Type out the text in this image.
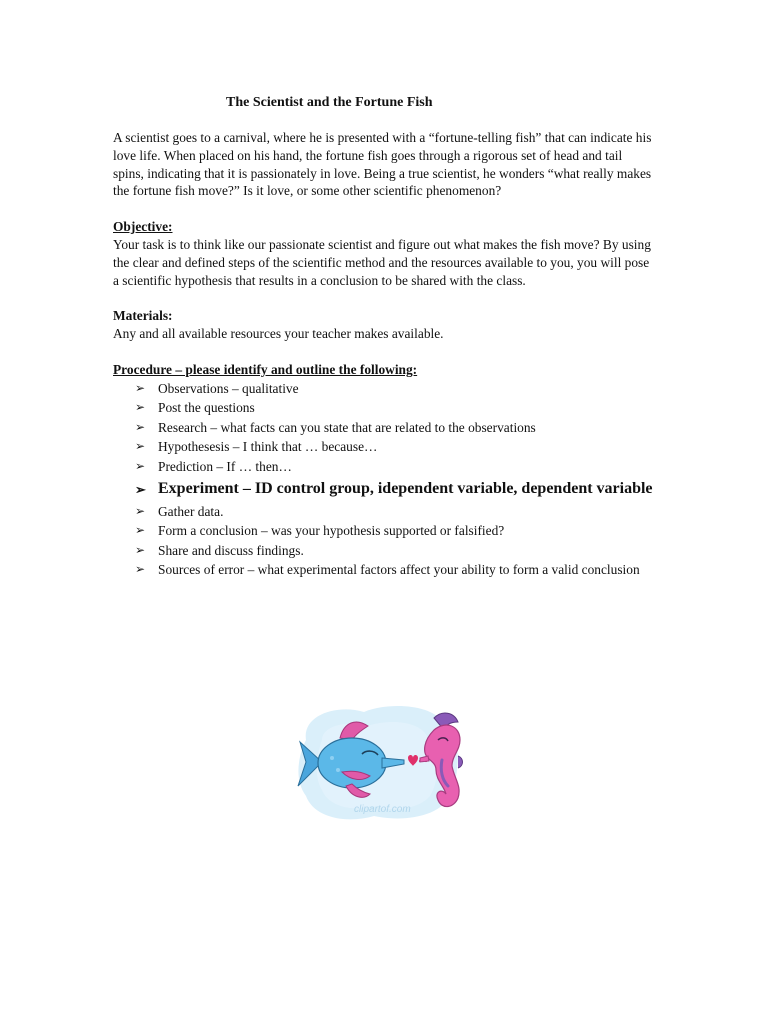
The Scientist and the Fortune Fish

A scientist goes to a carnival, where he is presented with a “fortune-telling fish” that can indicate his love life. When placed on his hand, the fortune fish goes through a rigorous set of head and tail spins, indicating that it is passionately in love. Being a true scientist, he wonders “what really makes the fortune fish move?” Is it love, or some other scientific phenomenon?

Objective:

Your task is to think like our passionate scientist and figure out what makes the fish move? By using the clear and defined steps of the scientific method and the resources available to you, you will pose a scientific hypothesis that results in a conclusion to be shared with the class.

Materials:

Any and all available resources your teacher makes available.

Procedure – please identify and outline the following:
➢ Observations – qualitative
➢ Post the questions
➢ Research – what facts can you state that are related to the observations
➢ Hypothesesis – I think that … because…
➢ Prediction – If … then…
➢ Experiment – ID control group, idependent variable, dependent variable
➢ Gather data.
➢ Form a conclusion – was your hypothesis supported or falsified?
➢ Share and discuss findings.
➢ Sources of error – what experimental factors affect your ability to form a valid conclusion
clipartof.com
